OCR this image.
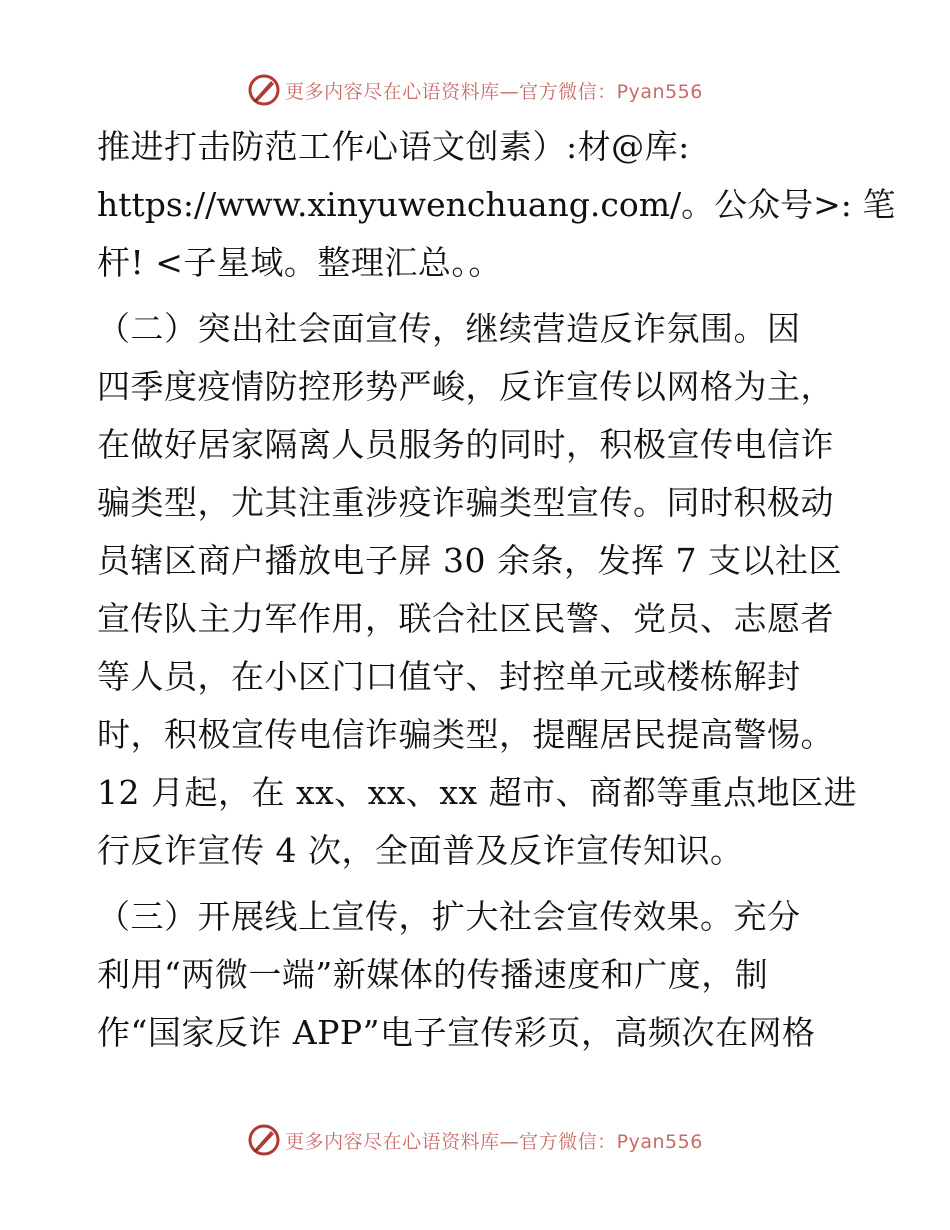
更多内容尽在心语资料库—官方微信：Pyan556
推进打击防范工作心语文创素）:材@库:
https://www.xinyuwenchuang.com/。公众号>: 笔
杆! <子星域。整理汇总。。
（二）突出社会面宣传，继续营造反诈氛围。因
四季度疫情防控形势严峻，反诈宣传以网格为主，
在做好居家隔离人员服务的同时，积极宣传电信诈
骗类型，尤其注重涉疫诈骗类型宣传。同时积极动
员辖区商户播放电子屏 30 余条，发挥 7 支以社区
宣传队主力军作用，联合社区民警、党员、志愿者
等人员，在小区门口值守、封控单元或楼栋解封
时，积极宣传电信诈骗类型，提醒居民提高警惕。
12 月起，在 xx、xx、xx 超市、商都等重点地区进
行反诈宣传 4 次，全面普及反诈宣传知识。
（三）开展线上宣传，扩大社会宣传效果。充分
利用“两微一端”新媒体的传播速度和广度，制
作“国家反诈 APP”电子宣传彩页，高频次在网格
更多内容尽在心语资料库—官方微信：Pyan556
